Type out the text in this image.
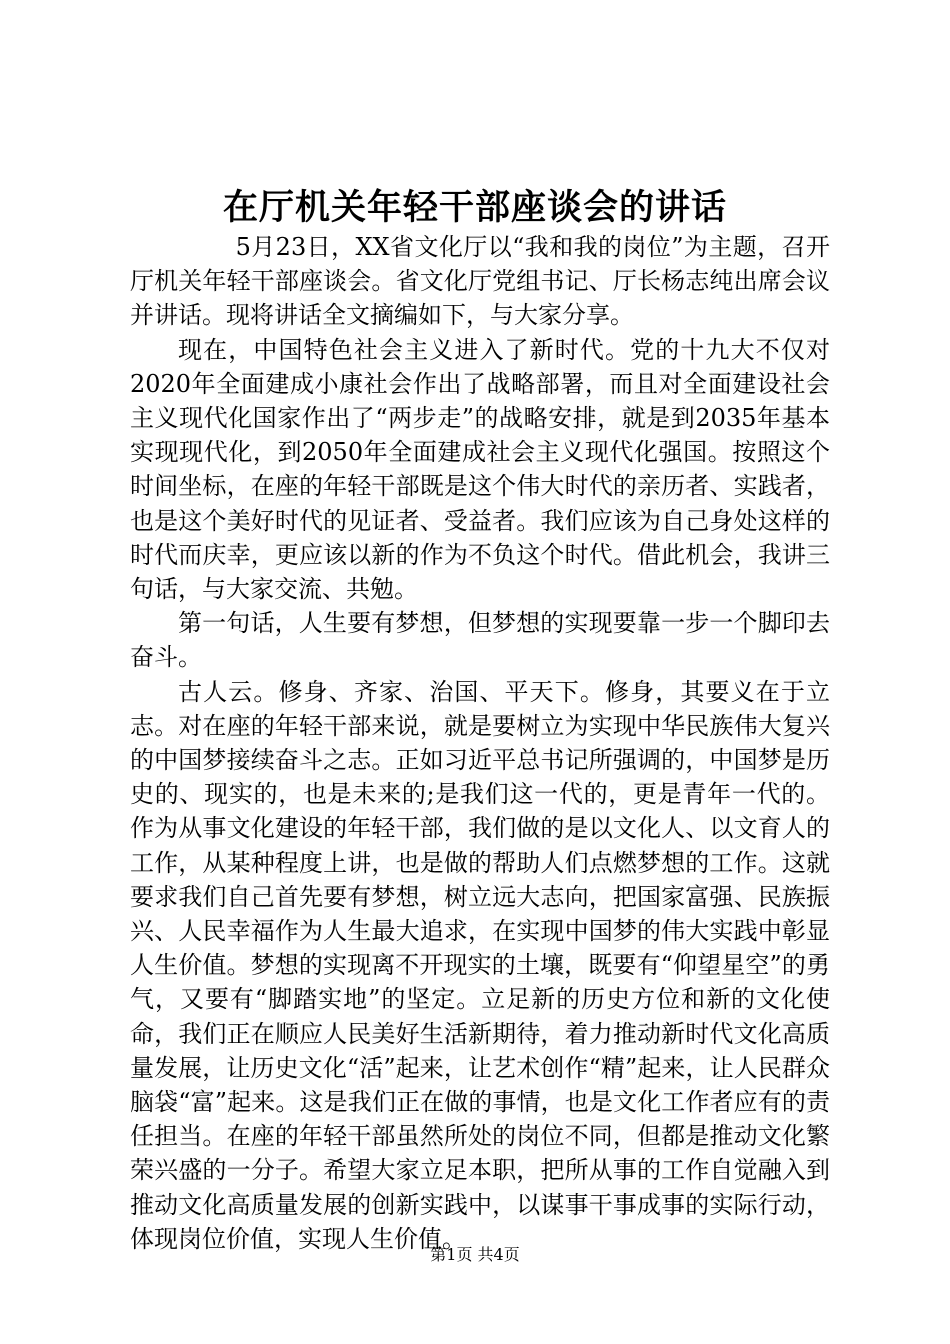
在厅机关年轻干部座谈会的讲话

5月23日，XX省文化厅以“我和我的岗位”为主题，召开厅机关年轻干部座谈会。省文化厅党组书记、厅长杨志纯出席会议并讲话。现将讲话全文摘编如下，与大家分享。

现在，中国特色社会主义进入了新时代。党的十九大不仅对2020年全面建成小康社会作出了战略部署，而且对全面建设社会主义现代化国家作出了“两步走”的战略安排，就是到2035年基本实现现代化，到2050年全面建成社会主义现代化强国。按照这个时间坐标，在座的年轻干部既是这个伟大时代的亲历者、实践者，也是这个美好时代的见证者、受益者。我们应该为自己身处这样的时代而庆幸，更应该以新的作为不负这个时代。借此机会，我讲三句话，与大家交流、共勉。

第一句话，人生要有梦想，但梦想的实现要靠一步一个脚印去奋斗。

古人云。修身、齐家、治国、平天下。修身，其要义在于立志。对在座的年轻干部来说，就是要树立为实现中华民族伟大复兴的中国梦接续奋斗之志。正如习近平总书记所强调的，中国梦是历史的、现实的，也是未来的;是我们这一代的，更是青年一代的。作为从事文化建设的年轻干部，我们做的是以文化人、以文育人的工作，从某种程度上讲，也是做的帮助人们点燃梦想的工作。这就要求我们自己首先要有梦想，树立远大志向，把国家富强、民族振兴、人民幸福作为人生最大追求，在实现中国梦的伟大实践中彰显人生价值。梦想的实现离不开现实的土壤，既要有“仰望星空”的勇气，又要有“脚踏实地”的坚定。立足新的历史方位和新的文化使命，我们正在顺应人民美好生活新期待，着力推动新时代文化高质量发展，让历史文化“活”起来，让艺术创作“精”起来，让人民群众脑袋“富”起来。这是我们正在做的事情，也是文化工作者应有的责任担当。在座的年轻干部虽然所处的岗位不同，但都是推动文化繁荣兴盛的一分子。希望大家立足本职，把所从事的工作自觉融入到推动文化高质量发展的创新实践中，以谋事干事成事的实际行动，体现岗位价值，实现人生价值。

第1页 共4页
